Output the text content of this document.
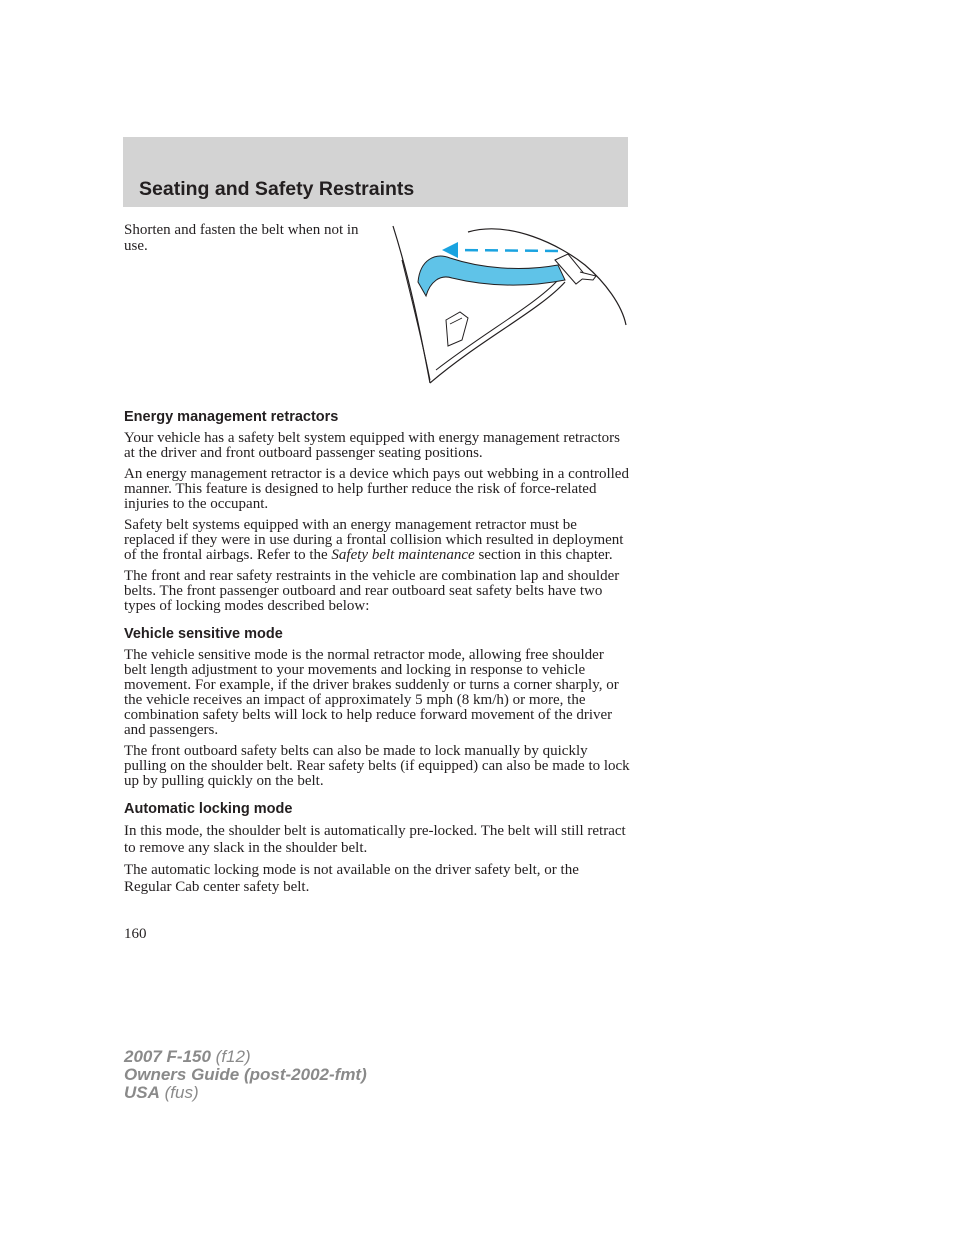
Seating and Safety Restraints

Shorten and fasten the belt when not in use.

Energy management retractors

Your vehicle has a safety belt system equipped with energy management retractors at the driver and front outboard passenger seating positions.

An energy management retractor is a device which pays out webbing in a controlled manner. This feature is designed to help further reduce the risk of force-related injuries to the occupant.

Safety belt systems equipped with an energy management retractor must be replaced if they were in use during a frontal collision which resulted in deployment of the frontal airbags. Refer to the Safety belt maintenance section in this chapter.

The front and rear safety restraints in the vehicle are combination lap and shoulder belts. The front passenger outboard and rear outboard seat safety belts have two types of locking modes described below:

Vehicle sensitive mode

The vehicle sensitive mode is the normal retractor mode, allowing free shoulder belt length adjustment to your movements and locking in response to vehicle movement. For example, if the driver brakes suddenly or turns a corner sharply, or the vehicle receives an impact of approximately 5 mph (8 km/h) or more, the combination safety belts will lock to help reduce forward movement of the driver and passengers.

The front outboard safety belts can also be made to lock manually by quickly pulling on the shoulder belt. Rear safety belts (if equipped) can also be made to lock up by pulling quickly on the belt.

Automatic locking mode

In this mode, the shoulder belt is automatically pre-locked. The belt will still retract to remove any slack in the shoulder belt.

The automatic locking mode is not available on the driver safety belt, or the Regular Cab center safety belt.

160

2007 F-150 (f12)
Owners Guide (post-2002-fmt)
USA (fus)
